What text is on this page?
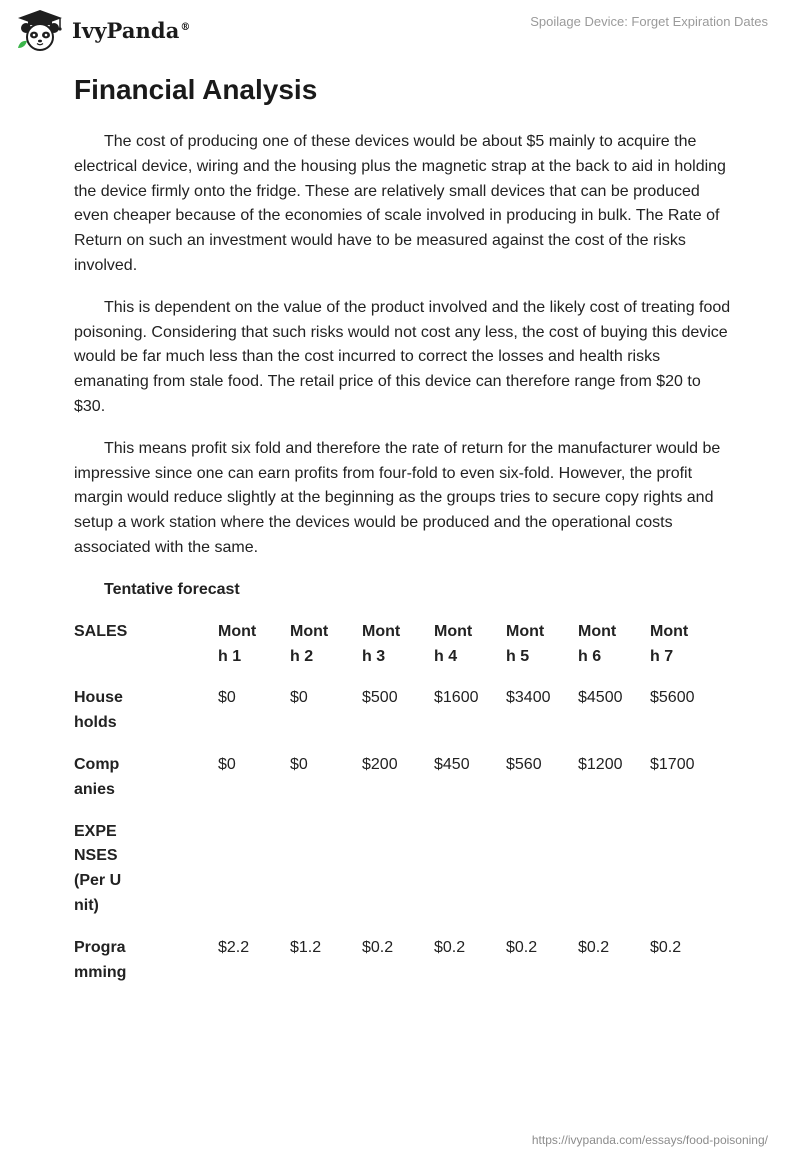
IvyPanda®	Spoilage Device: Forget Expiration Dates
Financial Analysis

The cost of producing one of these devices would be about $5 mainly to acquire the electrical device, wiring and the housing plus the magnetic strap at the back to aid in holding the device firmly onto the fridge. These are relatively small devices that can be produced even cheaper because of the economies of scale involved in producing in bulk. The Rate of Return on such an investment would have to be measured against the cost of the risks involved.

This is dependent on the value of the product involved and the likely cost of treating food poisoning. Considering that such risks would not cost any less, the cost of buying this device would be far much less than the cost incurred to correct the losses and health risks emanating from stale food. The retail price of this device can therefore range from $20 to $30.

This means profit six fold and therefore the rate of return for the manufacturer would be impressive since one can earn profits from four-fold to even six-fold. However, the profit margin would reduce slightly at the beginning as the groups tries to secure copy rights and setup a work station where the devices would be produced and the operational costs associated with the same.

Tentative forecast
SALES	Month 1	Month 2	Month 3	Month 4	Month 5	Month 6	Month 7
Households	$0	$0	$500	$1600	$3400	$4500	$5600
Companies	$0	$0	$200	$450	$560	$1200	$1700
EXPENSES (Per Unit)							
Programming	$2.2	$1.2	$0.2	$0.2	$0.2	$0.2	$0.2
https://ivypanda.com/essays/food-poisoning/
